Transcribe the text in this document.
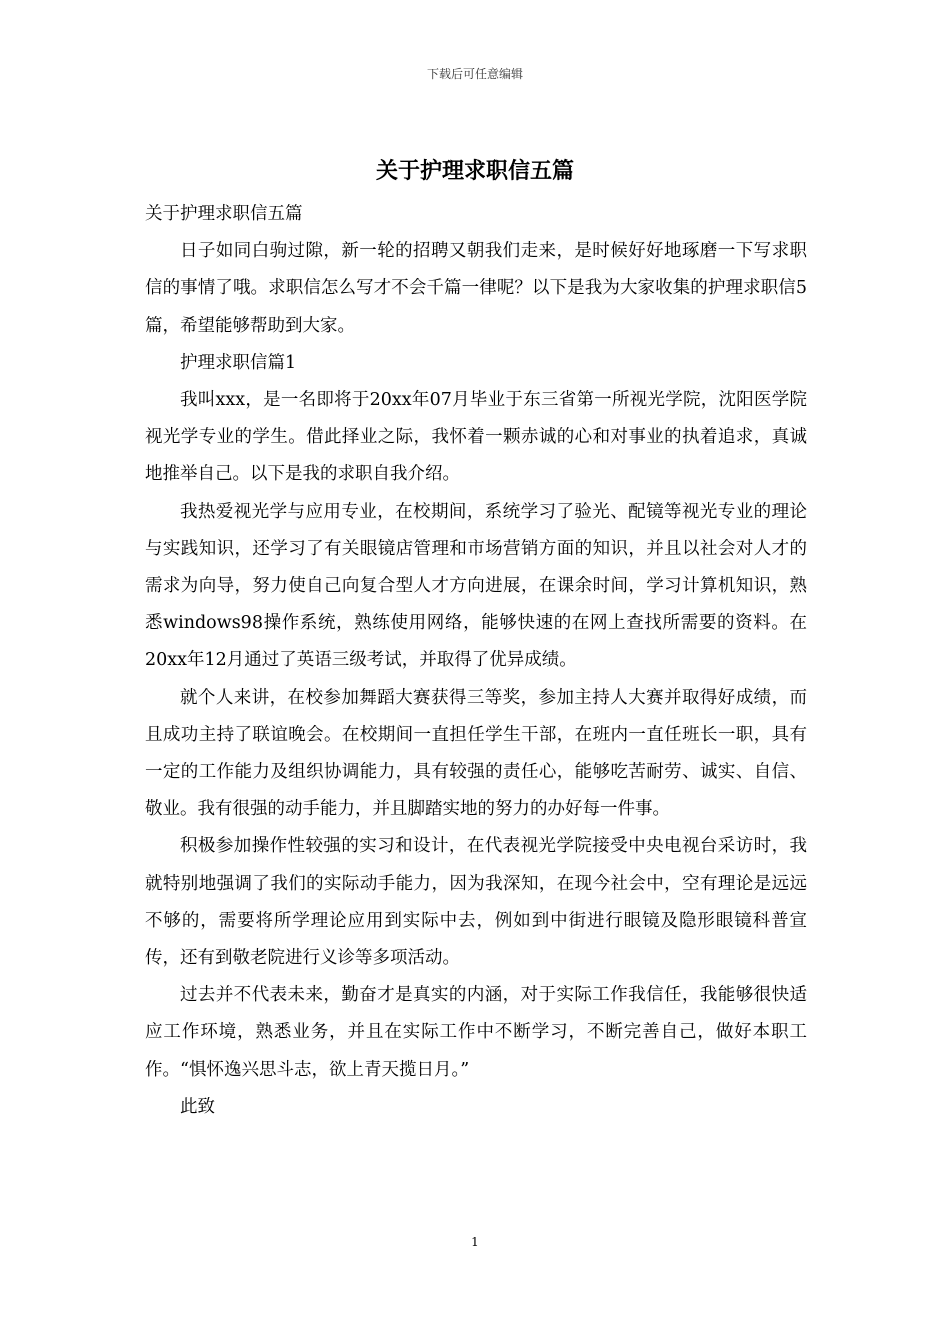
下载后可任意编辑
关于护理求职信五篇

关于护理求职信五篇

日子如同白驹过隙，新一轮的招聘又朝我们走来，是时候好好地琢磨一下写求职信的事情了哦。求职信怎么写才不会千篇一律呢？以下是我为大家收集的护理求职信5篇，希望能够帮助到大家。

护理求职信篇1

我叫xxx，是一名即将于20xx年07月毕业于东三省第一所视光学院，沈阳医学院视光学专业的学生。借此择业之际，我怀着一颗赤诚的心和对事业的执着追求，真诚地推举自己。以下是我的求职自我介绍。

我热爱视光学与应用专业，在校期间，系统学习了验光、配镜等视光专业的理论与实践知识，还学习了有关眼镜店管理和市场营销方面的知识，并且以社会对人才的需求为向导，努力使自己向复合型人才方向进展，在课余时间，学习计算机知识，熟悉windows98操作系统，熟练使用网络，能够快速的在网上查找所需要的资料。在20xx年12月通过了英语三级考试，并取得了优异成绩。

就个人来讲，在校参加舞蹈大赛获得三等奖，参加主持人大赛并取得好成绩，而且成功主持了联谊晚会。在校期间一直担任学生干部，在班内一直任班长一职，具有一定的工作能力及组织协调能力，具有较强的责任心，能够吃苦耐劳、诚实、自信、敬业。我有很强的动手能力，并且脚踏实地的努力的办好每一件事。

积极参加操作性较强的实习和设计，在代表视光学院接受中央电视台采访时，我就特别地强调了我们的实际动手能力，因为我深知，在现今社会中，空有理论是远远不够的，需要将所学理论应用到实际中去，例如到中街进行眼镜及隐形眼镜科普宣传，还有到敬老院进行义诊等多项活动。

过去并不代表未来，勤奋才是真实的内涵，对于实际工作我信任，我能够很快适应工作环境，熟悉业务，并且在实际工作中不断学习，不断完善自己，做好本职工作。“惧怀逸兴思斗志，欲上青天揽日月。”

此致

1
